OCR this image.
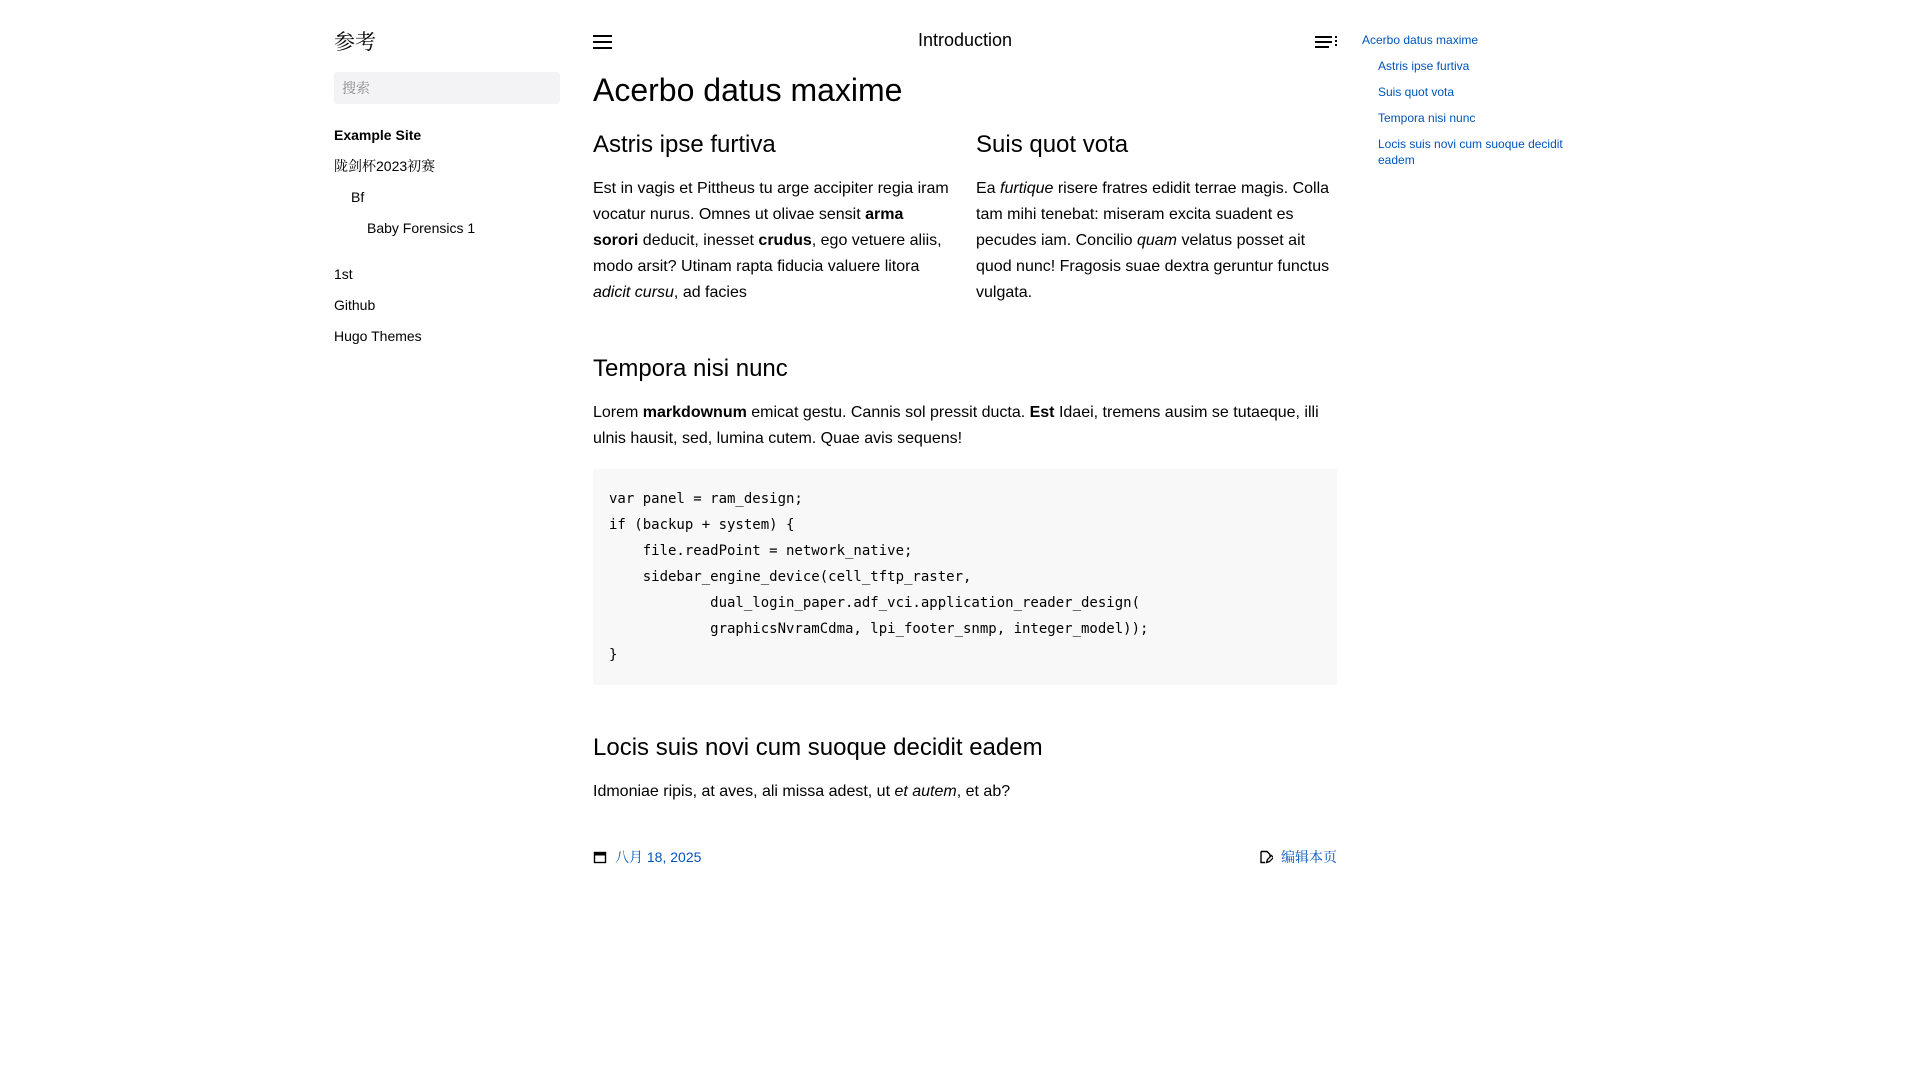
参考
搜索
Example Site
陇剑杯2023初赛
Bf
Baby Forensics 1
1st
Github
Hugo Themes
Introduction
Acerbo datus maxime
Astris ipse furtiva

Est in vagis et Pittheus tu arge accipiter regia iram vocatur nurus. Omnes ut olivae sensit arma sorori deducit, inesset crudus, ego vetuere aliis, modo arsit? Utinam rapta fiducia valuere litora adicit cursu, ad facies

Suis quot vota

Ea furtique risere fratres edidit terrae magis. Colla tam mihi tenebat: miseram excita suadent es pecudes iam. Concilio quam velatus posset ait quod nunc! Fragosis suae dextra geruntur functus vulgata.

Tempora nisi nunc

Lorem markdownum emicat gestu. Cannis sol pressit ducta. Est Idaei, tremens ausim se tutaeque, illi ulnis hausit, sed, lumina cutem. Quae avis sequens!

var panel = ram_design;
if (backup + system) {
file.readPoint = network_native;
sidebar_engine_device(cell_tftp_raster,
dual_login_paper.adf_vci.application_reader_design(
graphicsNvramCdma, lpi_footer_snmp, integer_model));
}
Locis suis novi cum suoque decidit eadem

Idmoniae ripis, at aves, ali missa adest, ut et autem, et ab?

八月 18, 2025	编辑本页
Acerbo datus maxime
Astris ipse furtiva
Suis quot vota
Tempora nisi nunc
Locis suis novi cum suoque decidit eadem
